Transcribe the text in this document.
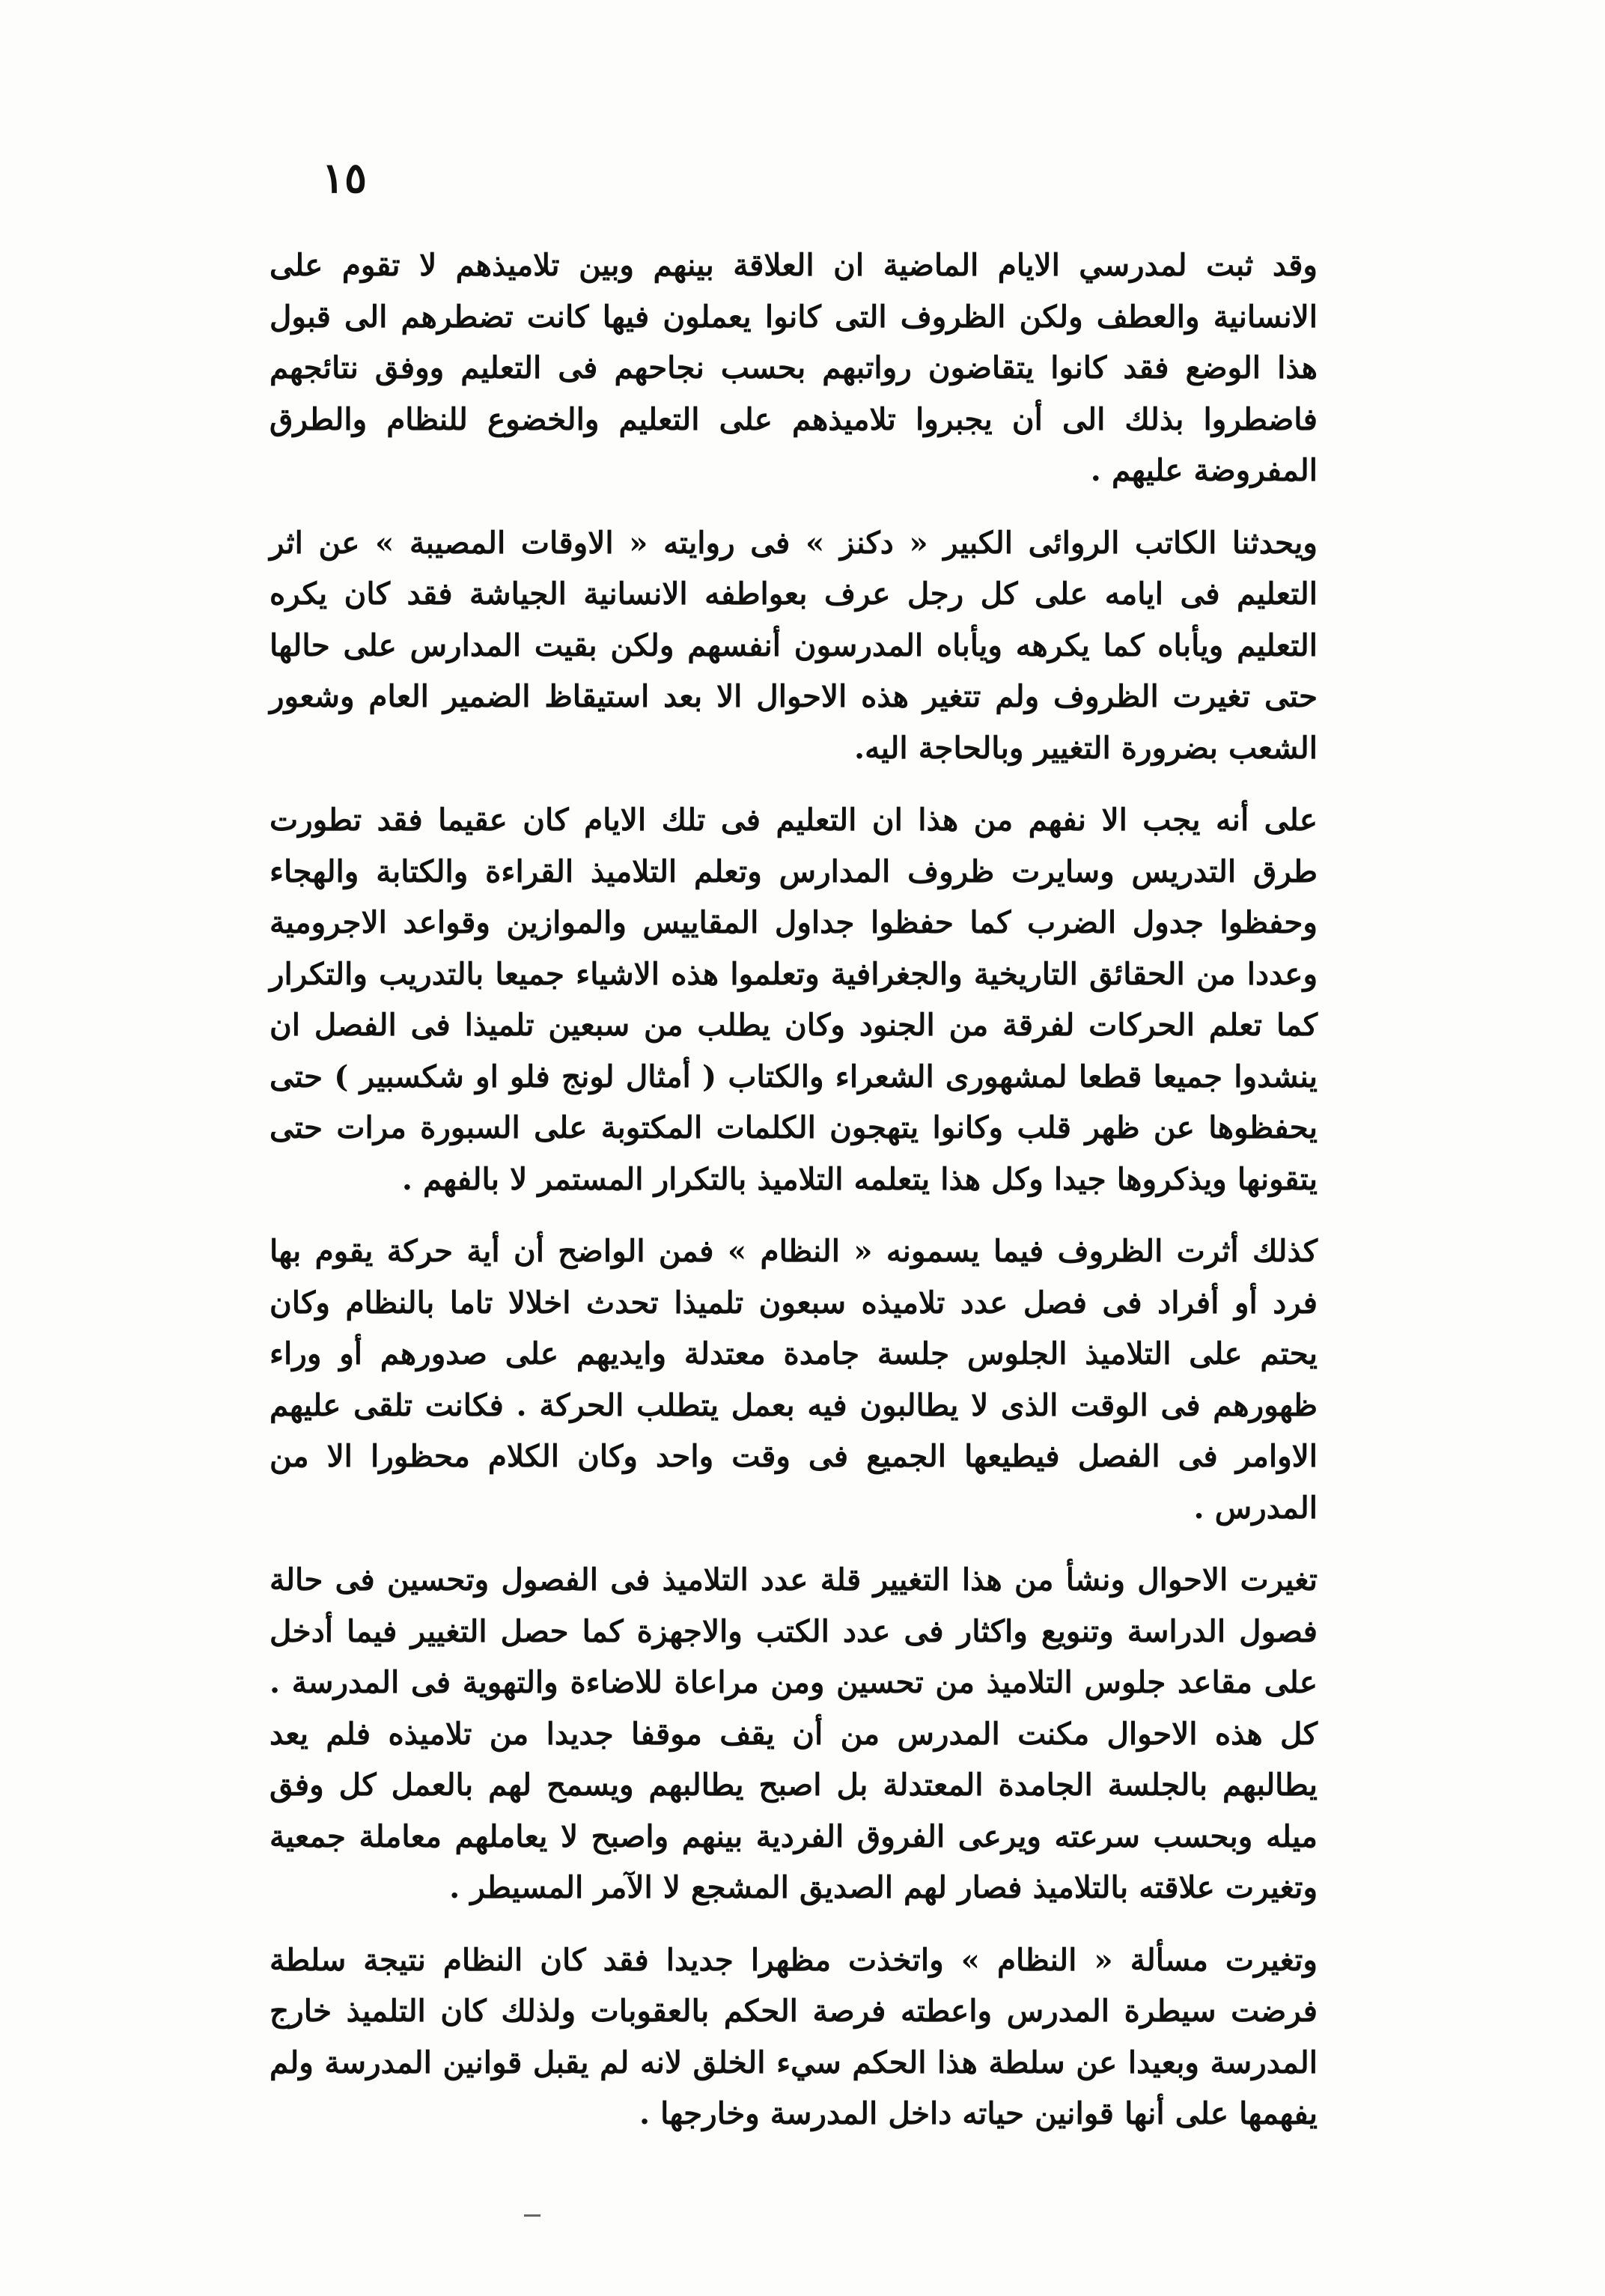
١٥

وقد ثبت لمدرسي الايام الماضية ان العلاقة بينهم وبين تلاميذهم لا تقوم على الانسانية والعطف ولكن الظروف التى كانوا يعملون فيها كانت تضطرهم الى قبول هذا الوضع فقد كانوا يتقاضون رواتبهم بحسب نجاحهم فى التعليم ووفق نتائجهم فاضطروا بذلك الى أن يجبروا تلاميذهم على التعليم والخضوع للنظام والطرق المفروضة عليهم .

ويحدثنا الكاتب الروائى الكبير « دكنز » فى روايته « الاوقات المصيبة » عن اثر التعليم فى ايامه على كل رجل عرف بعواطفه الانسانية الجياشة فقد كان يكره التعليم ويأباه كما يكرهه ويأباه المدرسون أنفسهم ولكن بقيت المدارس على حالها حتى تغيرت الظروف ولم تتغير هذه الاحوال الا بعد استيقاظ الضمير العام وشعور الشعب بضرورة التغيير وبالحاجة اليه.

على أنه يجب الا نفهم من هذا ان التعليم فى تلك الايام كان عقيما فقد تطورت طرق التدريس وسايرت ظروف المدارس وتعلم التلاميذ القراءة والكتابة والهجاء وحفظوا جدول الضرب كما حفظوا جداول المقاييس والموازين وقواعد الاجرومية وعددا من الحقائق التاريخية والجغرافية وتعلموا هذه الاشياء جميعا بالتدريب والتكرار كما تعلم الحركات لفرقة من الجنود وكان يطلب من سبعين تلميذا فى الفصل ان ينشدوا جميعا قطعا لمشهورى الشعراء والكتاب ( أمثال لونج فلو او شكسبير ) حتى يحفظوها عن ظهر قلب وكانوا يتهجون الكلمات المكتوبة على السبورة مرات حتى يتقونها ويذكروها جيدا وكل هذا يتعلمه التلاميذ بالتكرار المستمر لا بالفهم .

كذلك أثرت الظروف فيما يسمونه « النظام » فمن الواضح أن أية حركة يقوم بها فرد أو أفراد فى فصل عدد تلاميذه سبعون تلميذا تحدث اخلالا تاما بالنظام وكان يحتم على التلاميذ الجلوس جلسة جامدة معتدلة وايديهم على صدورهم أو وراء ظهورهم فى الوقت الذى لا يطالبون فيه بعمل يتطلب الحركة . فكانت تلقى عليهم الاوامر فى الفصل فيطيعها الجميع فى وقت واحد وكان الكلام محظورا الا من المدرس .

تغيرت الاحوال ونشأ من هذا التغيير قلة عدد التلاميذ فى الفصول وتحسين فى حالة فصول الدراسة وتنويع واكثار فى عدد الكتب والاجهزة كما حصل التغيير فيما أدخل على مقاعد جلوس التلاميذ من تحسين ومن مراعاة للاضاءة والتهوية فى المدرسة . كل هذه الاحوال مكنت المدرس من أن يقف موقفا جديدا من تلاميذه فلم يعد يطالبهم بالجلسة الجامدة المعتدلة بل اصبح يطالبهم ويسمح لهم بالعمل كل وفق ميله وبحسب سرعته ويرعى الفروق الفردية بينهم واصبح لا يعاملهم معاملة جمعية وتغيرت علاقته بالتلاميذ فصار لهم الصديق المشجع لا الآمر المسيطر .

وتغيرت مسألة « النظام » واتخذت مظهرا جديدا فقد كان النظام نتيجة سلطة فرضت سيطرة المدرس واعطته فرصة الحكم بالعقوبات ولذلك كان التلميذ خارج المدرسة وبعيدا عن سلطة هذا الحكم سيء الخلق لانه لم يقبل قوانين المدرسة ولم يفهمها على أنها قوانين حياته داخل المدرسة وخارجها .
